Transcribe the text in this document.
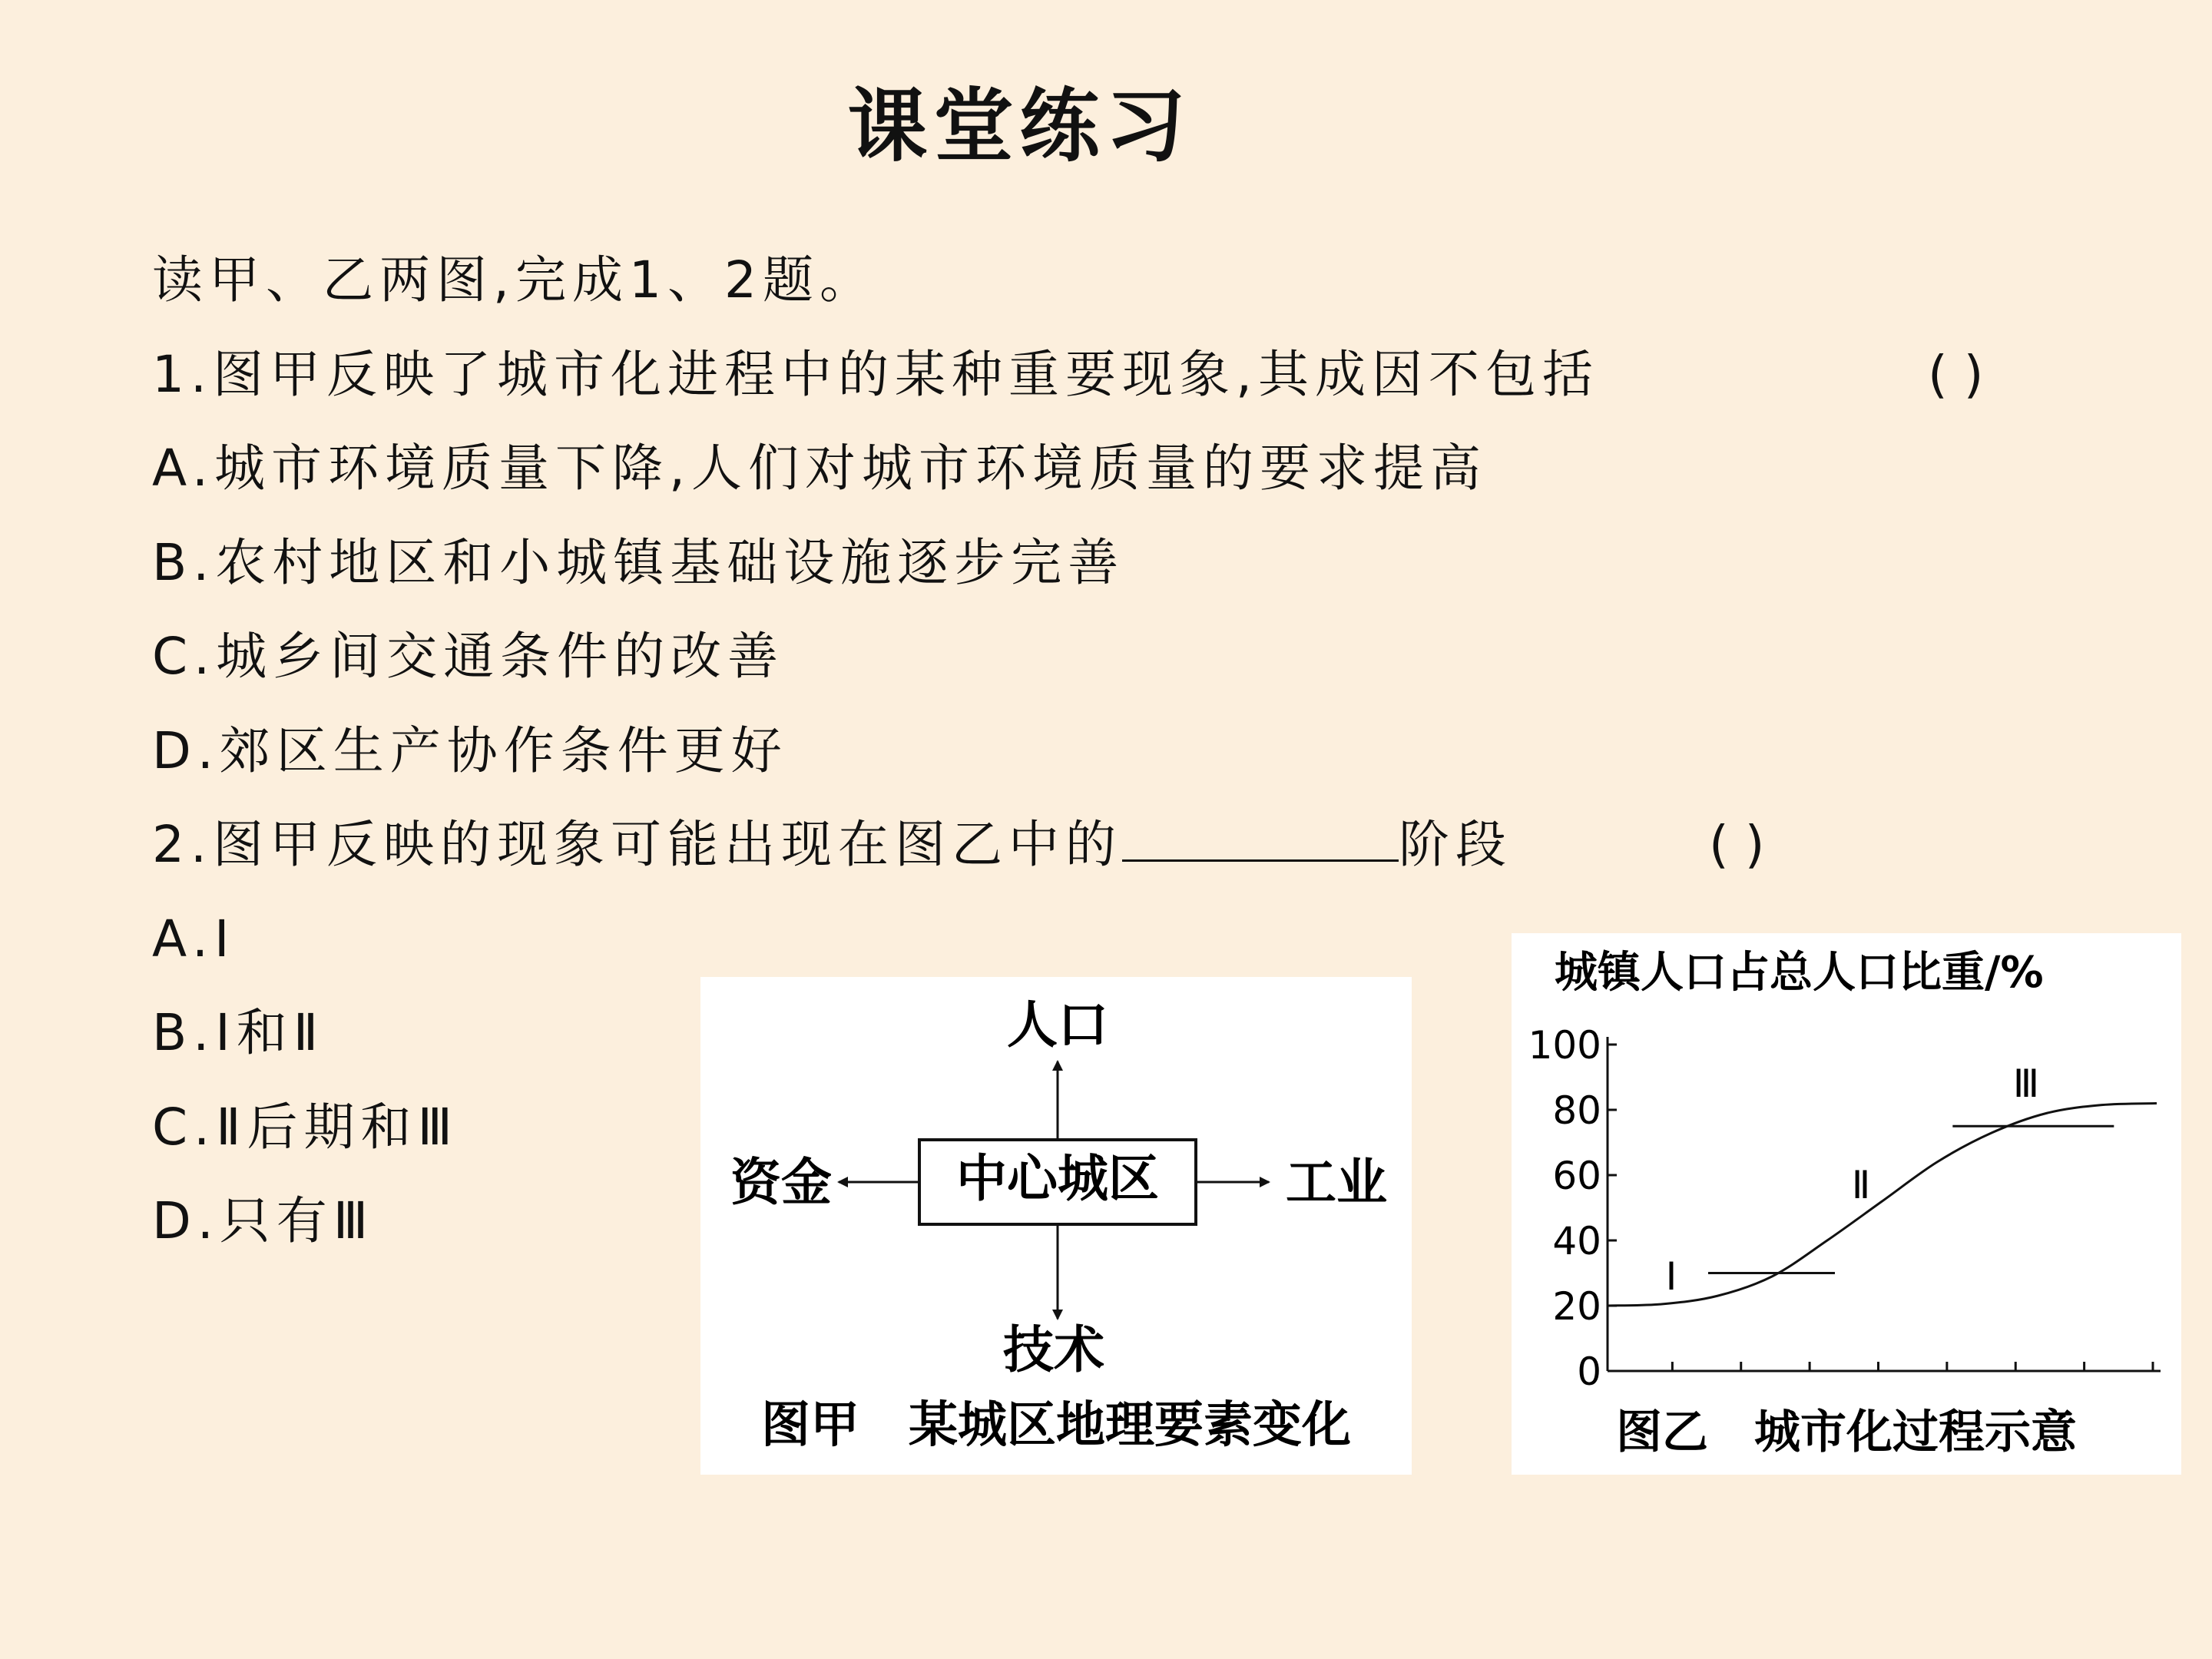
课堂练习
读甲、乙两图,完成1、2题。
1.图甲反映了城市化进程中的某种重要现象,其成因不包括	( )
A.城市环境质量下降,人们对城市环境质量的要求提高
B.农村地区和小城镇基础设施逐步完善
C.城乡间交通条件的改善
D.郊区生产协作条件更好
2.图甲反映的现象可能出现在图乙中的	阶段	( )
A.Ⅰ
B.Ⅰ和Ⅱ
C.Ⅱ后期和Ⅲ
D.只有Ⅲ
中心城区
人口
资金	工业
技术
图甲　某城区地理要素变化
城镇人口占总人口比重/%
图乙　城市化过程示意
0
20
40
60
80
100
Ⅰ
Ⅱ
Ⅲ
